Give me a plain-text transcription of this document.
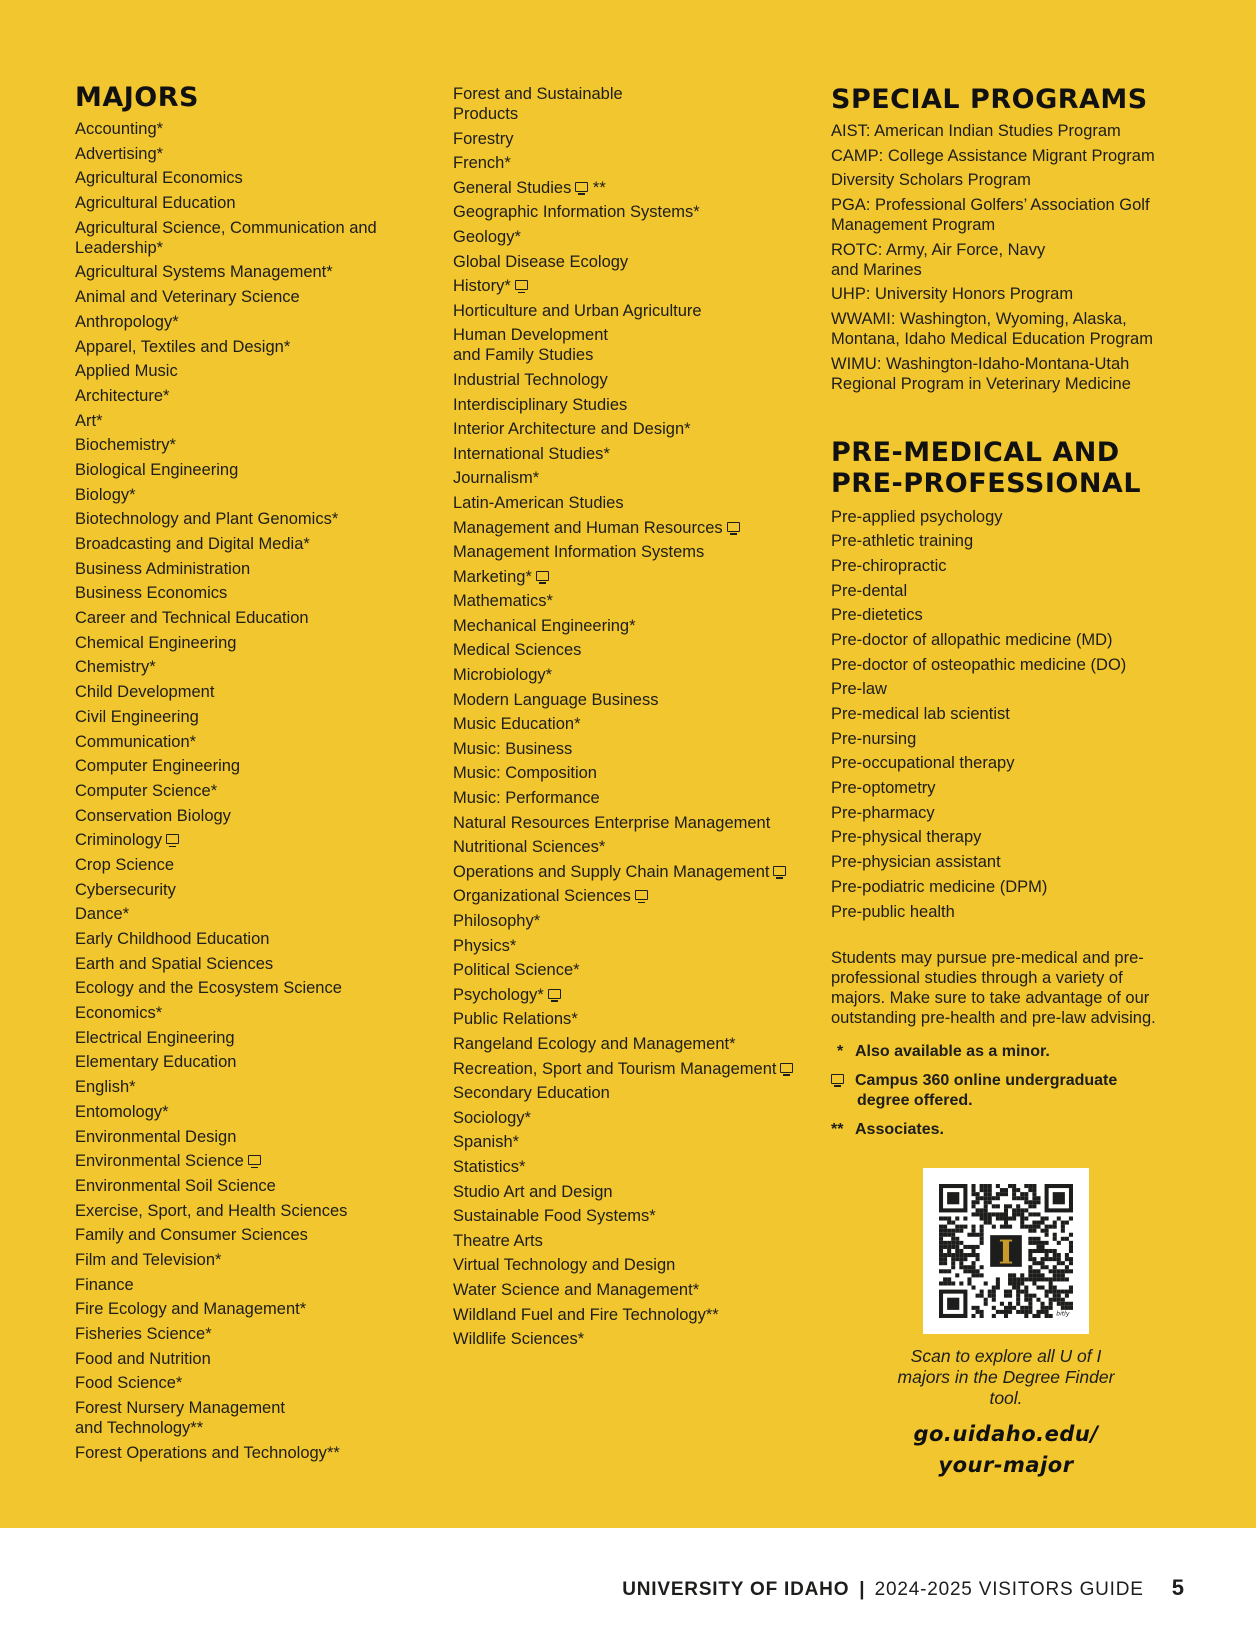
MAJORS
Accounting*
Advertising*
Agricultural Economics
Agricultural Education
Agricultural Science, Communication and
Leadership*
Agricultural Systems Management*
Animal and Veterinary Science
Anthropology*
Apparel, Textiles and Design*
Applied Music
Architecture*
Art*
Biochemistry*
Biological Engineering
Biology*
Biotechnology and Plant Genomics*
Broadcasting and Digital Media*
Business Administration
Business Economics
Career and Technical Education
Chemical Engineering
Chemistry*
Child Development
Civil Engineering
Communication*
Computer Engineering
Computer Science*
Conservation Biology
Criminology
Crop Science
Cybersecurity
Dance*
Early Childhood Education
Earth and Spatial Sciences
Ecology and the Ecosystem Science
Economics*
Electrical Engineering
Elementary Education
English*
Entomology*
Environmental Design
Environmental Science
Environmental Soil Science
Exercise, Sport, and Health Sciences
Family and Consumer Sciences
Film and Television*
Finance
Fire Ecology and Management*
Fisheries Science*
Food and Nutrition
Food Science*
Forest Nursery Management
and Technology**
Forest Operations and Technology**
Forest and Sustainable
Products
Forestry
French*
General Studies **
Geographic Information Systems*
Geology*
Global Disease Ecology
History*
Horticulture and Urban Agriculture
Human Development
and Family Studies
Industrial Technology
Interdisciplinary Studies
Interior Architecture and Design*
International Studies*
Journalism*
Latin-American Studies
Management and Human Resources
Management Information Systems
Marketing*
Mathematics*
Mechanical Engineering*
Medical Sciences
Microbiology*
Modern Language Business
Music Education*
Music: Business
Music: Composition
Music: Performance
Natural Resources Enterprise Management
Nutritional Sciences*
Operations and Supply Chain Management
Organizational Sciences
Philosophy*
Physics*
Political Science*
Psychology*
Public Relations*
Rangeland Ecology and Management*
Recreation, Sport and Tourism Management
Secondary Education
Sociology*
Spanish*
Statistics*
Studio Art and Design
Sustainable Food Systems*
Theatre Arts
Virtual Technology and Design
Water Science and Management*
Wildland Fuel and Fire Technology**
Wildlife Sciences*
SPECIAL PROGRAMS
AIST: American Indian Studies Program
CAMP: College Assistance Migrant Program
Diversity Scholars Program
PGA: Professional Golfers’ Association Golf
Management Program
ROTC: Army, Air Force, Navy
and Marines
UHP: University Honors Program
WWAMI: Washington, Wyoming, Alaska,
Montana, Idaho Medical Education Program
WIMU: Washington-Idaho-Montana-Utah
Regional Program in Veterinary Medicine
PRE-MEDICAL AND
PRE-PROFESSIONAL
Pre-applied psychology
Pre-athletic training
Pre-chiropractic
Pre-dental
Pre-dietetics
Pre-doctor of allopathic medicine (MD)
Pre-doctor of osteopathic medicine (DO)
Pre-law
Pre-medical lab scientist
Pre-nursing
Pre-occupational therapy
Pre-optometry
Pre-pharmacy
Pre-physical therapy
Pre-physician assistant
Pre-podiatric medicine (DPM)
Pre-public health

Students may pursue pre-medical and pre-professional studies through a variety of majors. Make sure to take advantage of our outstanding pre-health and pre-law advising.

* Also available as a minor.
Campus 360 online undergraduate
degree offered.
** Associates.
I
bitly
Scan to explore all U of I majors in the Degree Finder tool.
go.uidaho.edu/
your-major
UNIVERSITY OF IDAHO | 2024-2025 VISITORS GUIDE 5
